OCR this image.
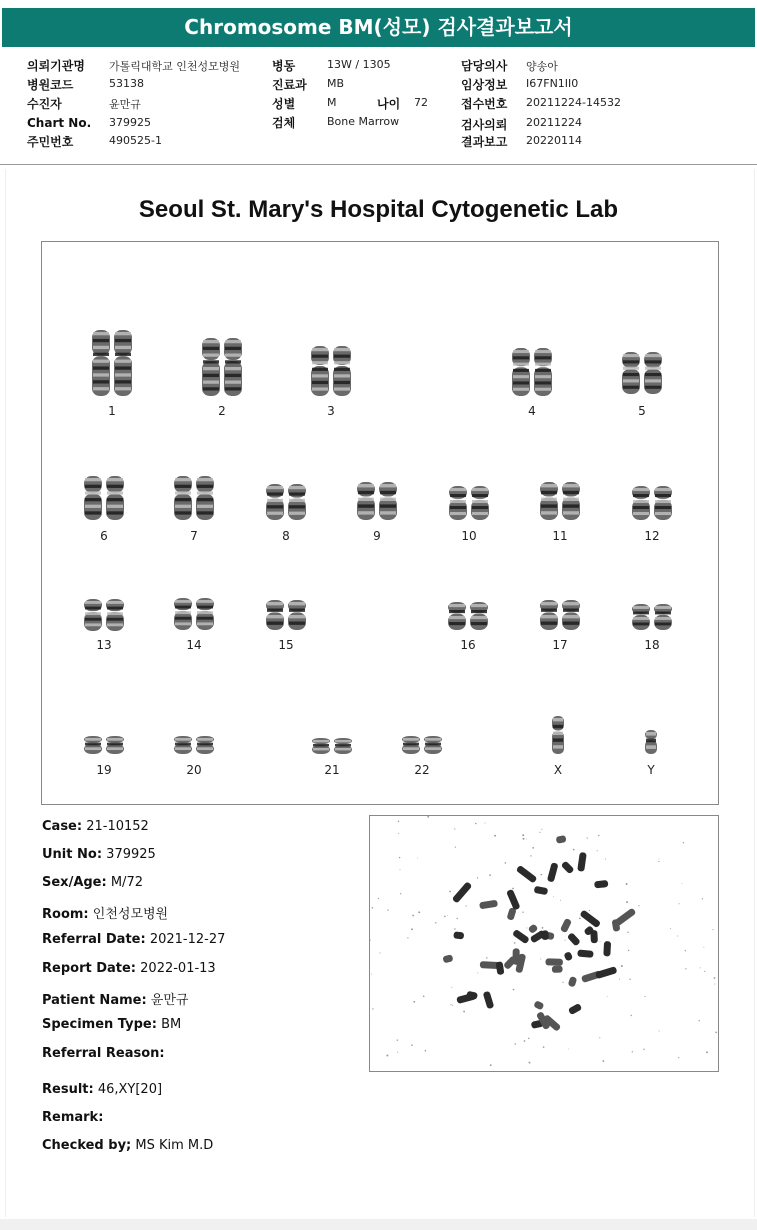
Chromosome BM(성모) 검사결과보고서
의뢰기관명 가톨릭대학교 인천성모병원
병원코드	53138
수진자	윤만규
Chart No. 379925
주민번호	490525-1
병동	13W / 1305
진료과 MB
성별	M	나이 72
검체	Bone Marrow
담당의사 양송아
임상정보 I67FN1II0
접수번호 20211224-14532
검사의뢰 20211224
결과보고 20220114
Seoul St. Mary's Hospital Cytogenetic Lab
1	2	3	4	5
6	7	8	9	10	11	12
13	14	15	16	17	18
19	20	21	22	X	Y
Case: 21-10152
Unit No: 379925
Sex/Age: M/72
Room: 인천성모병원
Referral Date: 2021-12-27
Report Date: 2022-01-13
Patient Name: 윤만규
Specimen Type: BM
Referral Reason:
Result: 46,XY[20]
Remark:
Checked by; MS Kim M.D
